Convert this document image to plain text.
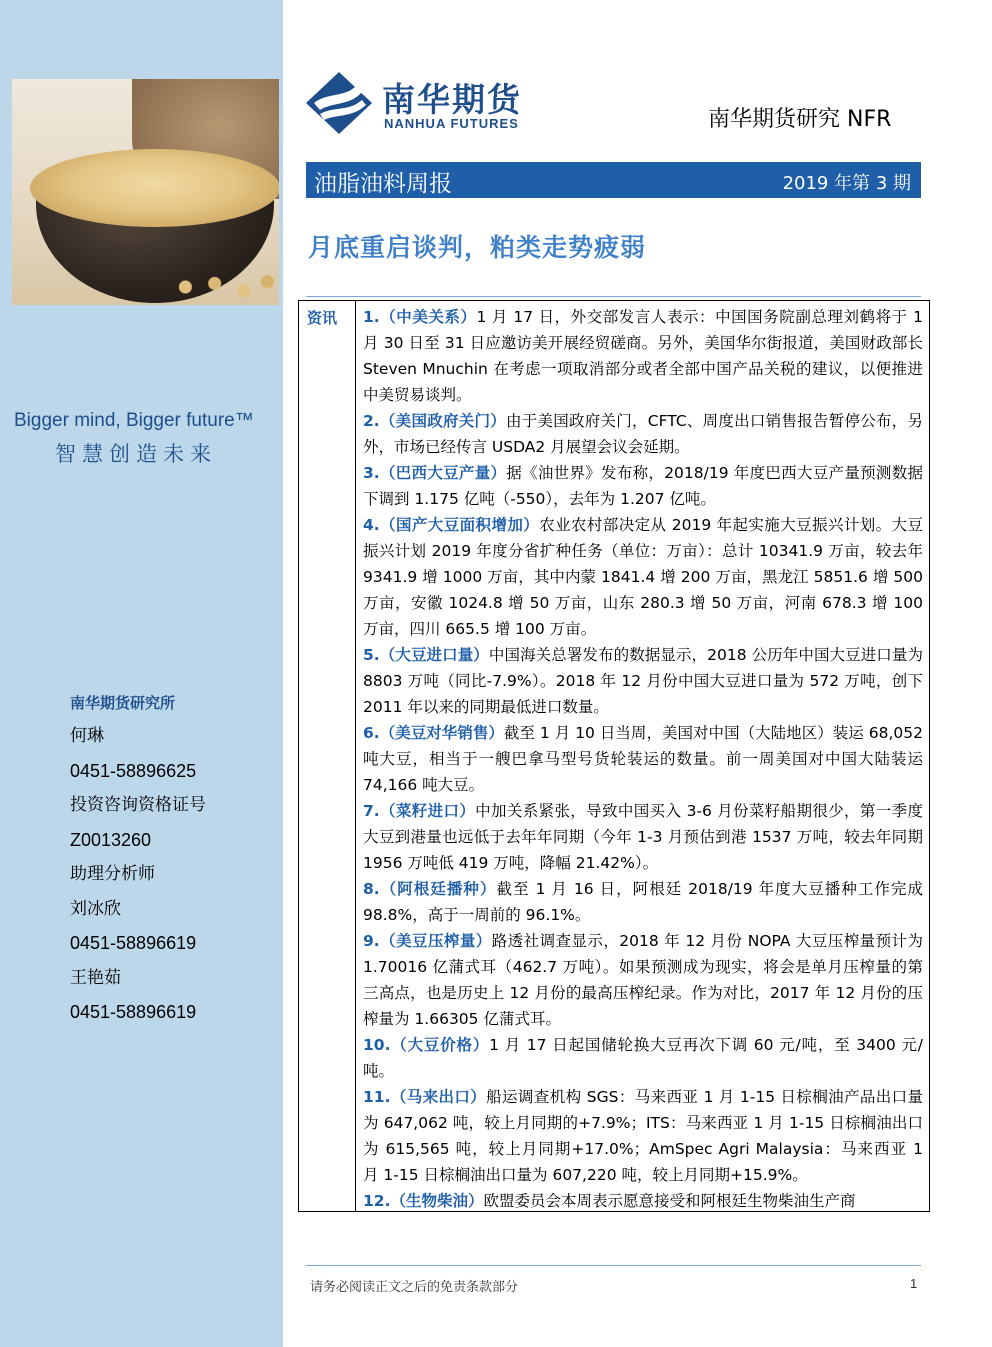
Bigger mind, Bigger future™
智慧创造未来
南华期货研究所
何琳
0451-58896625
投资咨询资格证号
Z0013260
助理分析师
刘冰欣
0451-58896619
王艳茹
0451-58896619
南华期货
NANHUA FUTURES	南华期货研究 NFR
油脂油料周报	2019 年第 3 期
月底重启谈判，粕类走势疲弱
资讯 1.（中美关系）1 月 17 日，外交部发言人表示：中国国务院副总理刘鹤将于 1 月 30 日至 31 日应邀访美开展经贸磋商。另外，美国华尔街报道，美国财政部长 Steven Mnuchin 在考虑一项取消部分或者全部中国产品关税的建议，以便推进中美贸易谈判。

2.（美国政府关门）由于美国政府关门，CFTC、周度出口销售报告暂停公布，另外，市场已经传言 USDA2 月展望会议会延期。

3.（巴西大豆产量）据《油世界》发布称，2018/19 年度巴西大豆产量预测数据下调到 1.175 亿吨（-550），去年为 1.207 亿吨。

4.（国产大豆面积增加）农业农村部决定从 2019 年起实施大豆振兴计划。大豆振兴计划 2019 年度分省扩种任务（单位：万亩）：总计 10341.9 万亩，较去年 9341.9 增 1000 万亩，其中内蒙 1841.4 增 200 万亩，黑龙江 5851.6 增 500 万亩，安徽 1024.8 增 50 万亩，山东 280.3 增 50 万亩，河南 678.3 增 100 万亩，四川 665.5 增 100 万亩。

5.（大豆进口量）中国海关总署发布的数据显示，2018 公历年中国大豆进口量为 8803 万吨（同比-7.9%）。2018 年 12 月份中国大豆进口量为 572 万吨，创下 2011 年以来的同期最低进口数量。

6.（美豆对华销售）截至 1 月 10 日当周，美国对中国（大陆地区）装运 68,052 吨大豆，相当于一艘巴拿马型号货轮装运的数量。前一周美国对中国大陆装运 74,166 吨大豆。

7.（菜籽进口）中加关系紧张，导致中国买入 3-6 月份菜籽船期很少，第一季度大豆到港量也远低于去年年同期（今年 1-3 月预估到港 1537 万吨，较去年同期 1956 万吨低 419 万吨，降幅 21.42%）。

8.（阿根廷播种）截至 1 月 16 日，阿根廷 2018/19 年度大豆播种工作完成 98.8%，高于一周前的 96.1%。

9.（美豆压榨量）路透社调查显示，2018 年 12 月份 NOPA 大豆压榨量预计为 1.70016 亿蒲式耳（462.7 万吨）。如果预测成为现实，将会是单月压榨量的第三高点，也是历史上 12 月份的最高压榨纪录。作为对比，2017 年 12 月份的压榨量为 1.66305 亿蒲式耳。

10.（大豆价格）1 月 17 日起国储轮换大豆再次下调 60 元/吨，至 3400 元/吨。

11.（马来出口）船运调查机构 SGS：马来西亚 1 月 1-15 日棕榈油产品出口量为 647,062 吨，较上月同期的+7.9%；ITS：马来西亚 1 月 1-15 日棕榈油出口为 615,565 吨，较上月同期+17.0%；AmSpec Agri Malaysia：马来西亚 1 月 1-15 日棕榈油出口量为 607,220 吨，较上月同期+15.9%。

12.（生物柴油）欧盟委员会本周表示愿意接受和阿根廷生物柴油生产商

请务必阅读正文之后的免责条款部分	1
